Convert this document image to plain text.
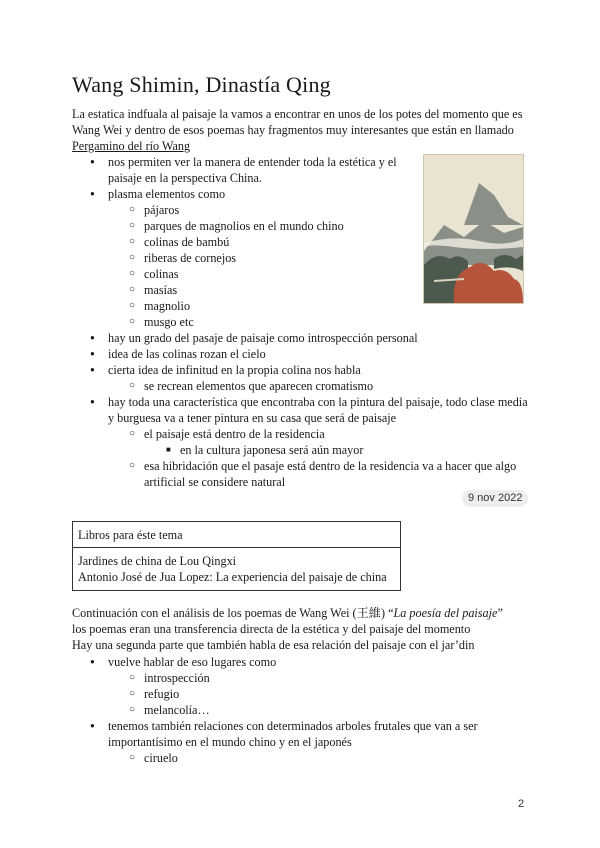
Wang Shimin, Dinastía Qing

La estatica indfuala al paisaje la vamos a encontrar en unos de los potes del momento que es Wang Wei y dentro de esos poemas hay fragmentos muy interesantes que están en llamado Pergamino del río Wang

● nos permiten ver la manera de entender toda la estética y el
paisaje en la perspectiva China.
● plasma elementos como
○ pájaros
○ parques de magnolios en el mundo chino
○ colinas de bambú
○ riberas de cornejos
○ colinas
○ masías
○ magnolio
○ musgo etc
● hay un grado del pasaje de paisaje como introspección personal
● idea de las colinas rozan el cielo
● cierta idea de infinitud en la propia colina nos habla
○ se recrean elementos que aparecen cromatismo
● hay toda una característica que encontraba con la pintura del paisaje, todo clase media
y burguesa va a tener pintura en su casa que será de paisaje
○ el paisaje está dentro de la residencia
■ en la cultura japonesa será aún mayor
○ esa hibridación que el pasaje está dentro de la residencia va a hacer que algo
artificial se considere natural
9 nov 2022
Libros para éste tema
Jardines de china de Lou Qingxi
Antonio José de Jua Lopez: La experiencia del paisaje de china
Continuación con el análisis de los poemas de Wang Wei (王維) “La poesía del paisaje”
los poemas eran una transferencia directa de la estética y del paisaje del momento
Hay una segunda parte que también habla de esa relación del paisaje con el jar’din
● vuelve hablar de eso lugares como
○ introspección
○ refugio
○ melancolía…
● tenemos también relaciones con determinados arboles frutales que van a ser
importantísimo en el mundo chino y en el japonés
○ ciruelo
2
